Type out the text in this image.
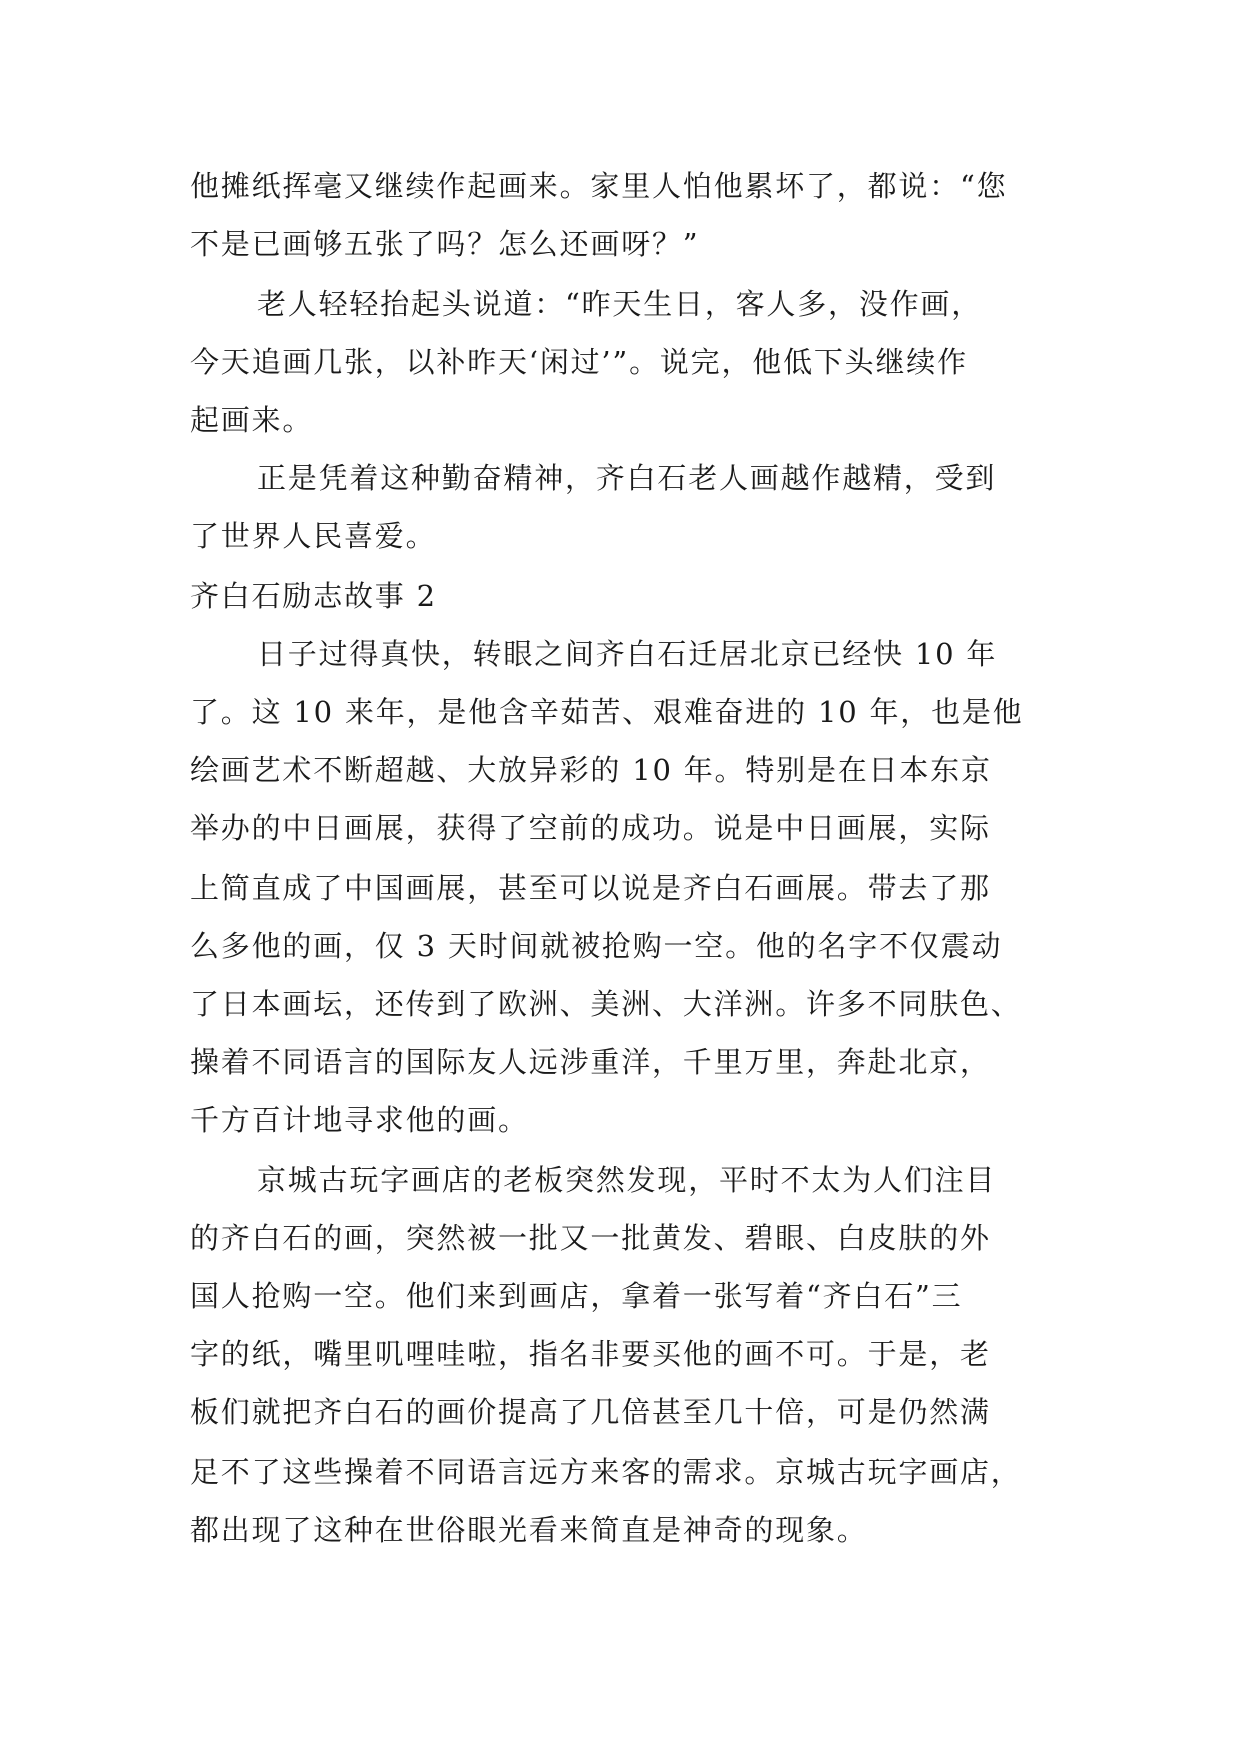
他摊纸挥毫又继续作起画来。家里人怕他累坏了，都说：“您
不是已画够五张了吗？怎么还画呀？”
老人轻轻抬起头说道：“昨天生日，客人多，没作画，
今天追画几张，以补昨天‘闲过’”。说完，他低下头继续作
起画来。
正是凭着这种勤奋精神，齐白石老人画越作越精，受到
了世界人民喜爱。
齐白石励志故事 2
日子过得真快，转眼之间齐白石迁居北京已经快 10 年
了。这 10 来年，是他含辛茹苦、艰难奋进的 10 年，也是他
绘画艺术不断超越、大放异彩的 10 年。特别是在日本东京
举办的中日画展，获得了空前的成功。说是中日画展，实际
上简直成了中国画展，甚至可以说是齐白石画展。带去了那
么多他的画，仅 3 天时间就被抢购一空。他的名字不仅震动
了日本画坛，还传到了欧洲、美洲、大洋洲。许多不同肤色、
操着不同语言的国际友人远涉重洋，千里万里，奔赴北京，
千方百计地寻求他的画。
京城古玩字画店的老板突然发现，平时不太为人们注目
的齐白石的画，突然被一批又一批黄发、碧眼、白皮肤的外
国人抢购一空。他们来到画店，拿着一张写着“齐白石”三
字的纸，嘴里叽哩哇啦，指名非要买他的画不可。于是，老
板们就把齐白石的画价提高了几倍甚至几十倍，可是仍然满
足不了这些操着不同语言远方来客的需求。京城古玩字画店，
都出现了这种在世俗眼光看来简直是神奇的现象。
